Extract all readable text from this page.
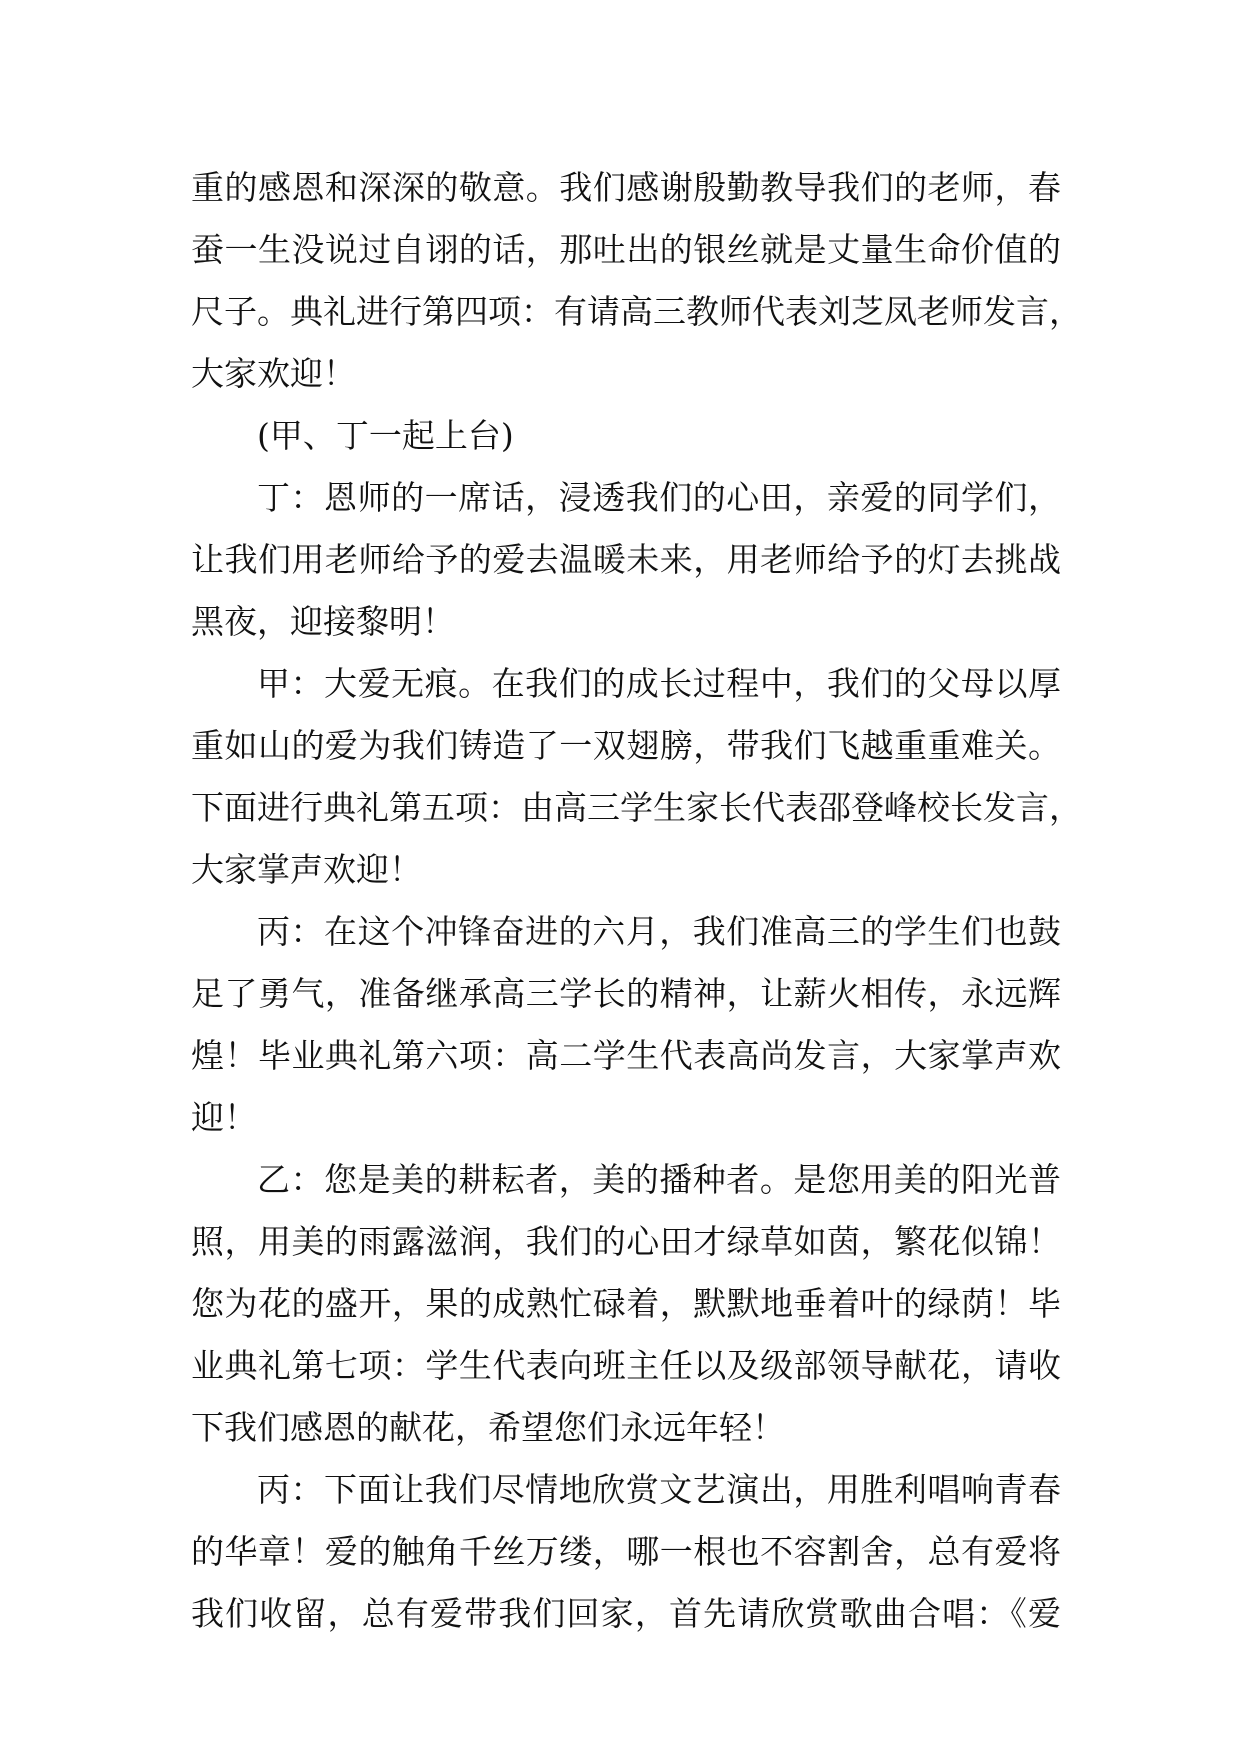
重的感恩和深深的敬意。我们感谢殷勤教导我们的老师，春
蚕一生没说过自诩的话，那吐出的银丝就是丈量生命价值的
尺子。典礼进行第四项：有请高三教师代表刘芝凤老师发言，
大家欢迎！
(甲、丁一起上台)
丁：恩师的一席话，浸透我们的心田，亲爱的同学们，
让我们用老师给予的爱去温暖未来，用老师给予的灯去挑战
黑夜，迎接黎明！
甲：大爱无痕。在我们的成长过程中，我们的父母以厚
重如山的爱为我们铸造了一双翅膀，带我们飞越重重难关。
下面进行典礼第五项：由高三学生家长代表邵登峰校长发言，
大家掌声欢迎！
丙：在这个冲锋奋进的六月，我们准高三的学生们也鼓
足了勇气，准备继承高三学长的精神，让薪火相传，永远辉
煌！毕业典礼第六项：高二学生代表高尚发言，大家掌声欢
迎！
乙：您是美的耕耘者，美的播种者。是您用美的阳光普
照，用美的雨露滋润，我们的心田才绿草如茵，繁花似锦！
您为花的盛开，果的成熟忙碌着，默默地垂着叶的绿荫！毕
业典礼第七项：学生代表向班主任以及级部领导献花，请收
下我们感恩的献花，希望您们永远年轻！
丙：下面让我们尽情地欣赏文艺演出，用胜利唱响青春
的华章！爱的触角千丝万缕，哪一根也不容割舍，总有爱将
我们收留，总有爱带我们回家，首先请欣赏歌曲合唱：《爱
